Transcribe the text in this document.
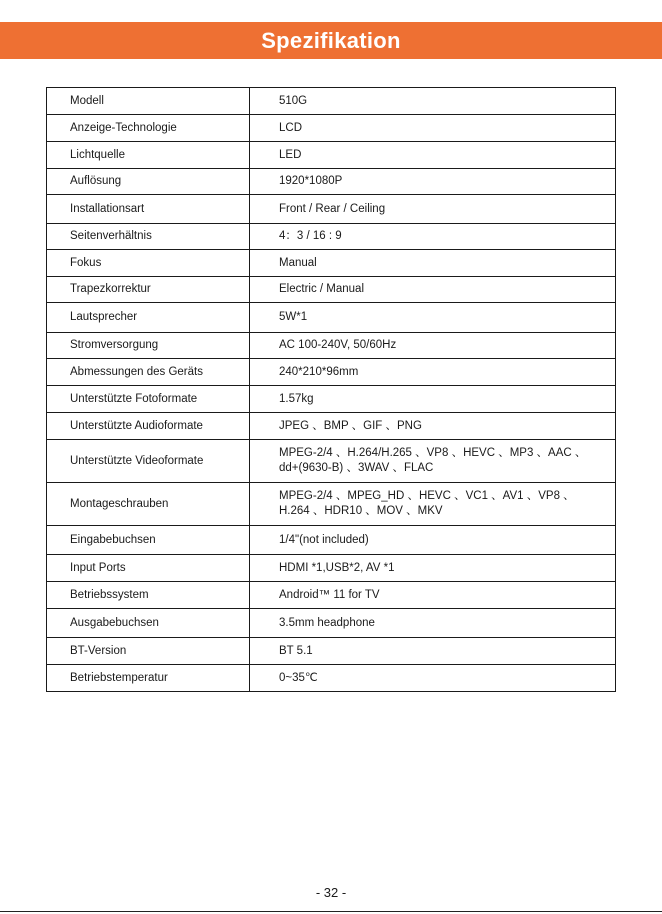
Spezifikation
Modell	510G
Anzeige-Technologie	LCD
Lichtquelle	LED
Auflösung	1920*1080P
Installationsart	Front / Rear / Ceiling
Seitenverhältnis	4：3 / 16 : 9
Fokus	Manual
Trapezkorrektur	Electric / Manual
Lautsprecher	5W*1
Stromversorgung	AC 100-240V, 50/60Hz
Abmessungen des Geräts	240*210*96mm
Unterstützte Fotoformate	1.57kg
Unterstützte Audioformate	JPEG 、BMP 、GIF 、PNG
Unterstützte Videoformate	MPEG-2/4 、H.264/H.265 、VP8 、HEVC 、MP3 、AAC 、dd+(9630-B) 、3WAV 、FLAC
Montageschrauben	MPEG-2/4 、MPEG_HD 、HEVC 、VC1 、AV1 、VP8 、H.264 、HDR10 、MOV 、MKV
Eingabebuchsen	1/4"(not included)
Input Ports	HDMI *1,USB*2, AV *1
Betriebssystem	Android™ 11 for TV
Ausgabebuchsen	3.5mm headphone
BT-Version	BT 5.1
Betriebstemperatur	0~35℃
- 32 -
